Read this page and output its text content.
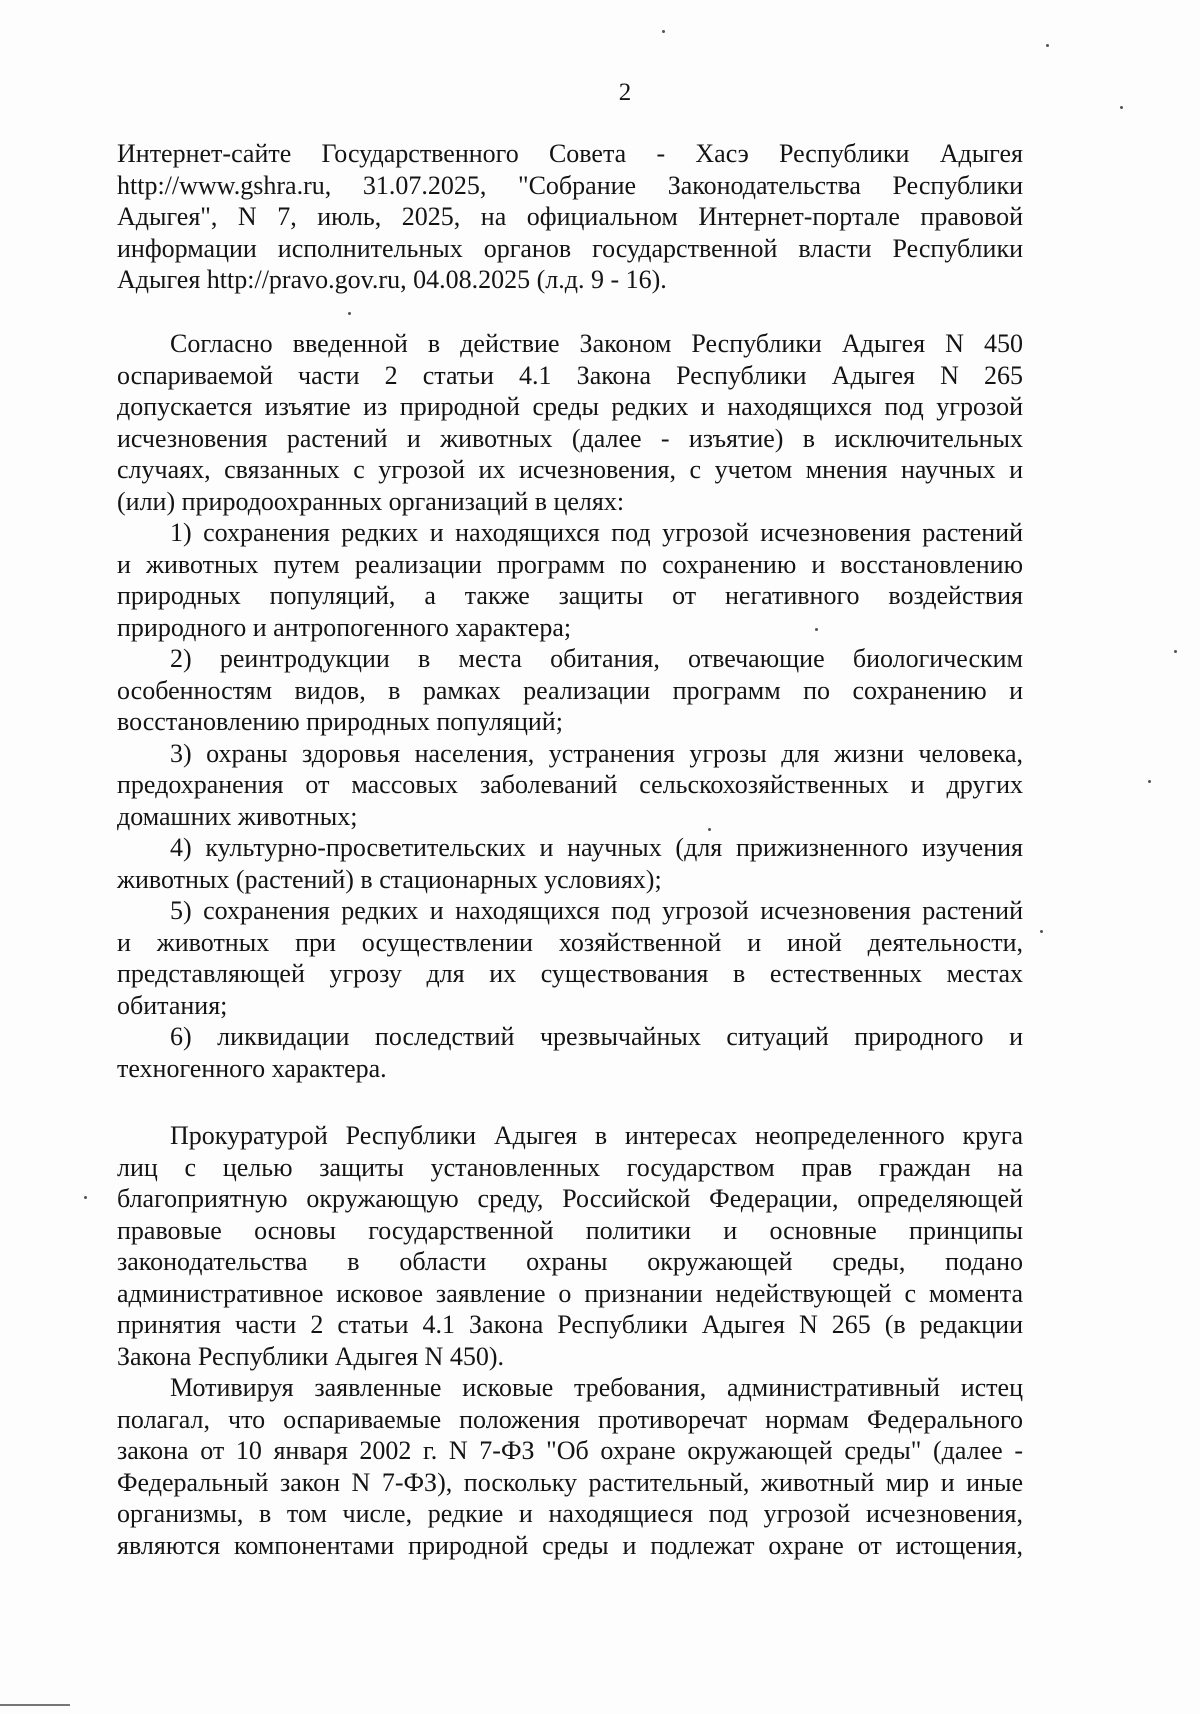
2
Интернет-сайте Государственного Совета - Хасэ Республики Адыгея
http://www.gshra.ru, 31.07.2025, "Собрание Законодательства Республики
Адыгея", N 7, июль, 2025, на официальном Интернет-портале правовой
информации исполнительных органов государственной власти Республики
Адыгея http://pravo.gov.ru, 04.08.2025 (л.д. 9 - 16).
Согласно введенной в действие Законом Республики Адыгея N 450
оспариваемой части 2 статьи 4.1 Закона Республики Адыгея N 265
допускается изъятие из природной среды редких и находящихся под угрозой
исчезновения растений и животных (далее - изъятие) в исключительных
случаях, связанных с угрозой их исчезновения, с учетом мнения научных и
(или) природоохранных организаций в целях:
1) сохранения редких и находящихся под угрозой исчезновения растений
и животных путем реализации программ по сохранению и восстановлению
природных популяций, а также защиты от негативного воздействия
природного и антропогенного характера;
2) реинтродукции в места обитания, отвечающие биологическим
особенностям видов, в рамках реализации программ по сохранению и
восстановлению природных популяций;
3) охраны здоровья населения, устранения угрозы для жизни человека,
предохранения от массовых заболеваний сельскохозяйственных и других
домашних животных;
4) культурно-просветительских и научных (для прижизненного изучения
животных (растений) в стационарных условиях);
5) сохранения редких и находящихся под угрозой исчезновения растений
и животных при осуществлении хозяйственной и иной деятельности,
представляющей угрозу для их существования в естественных местах
обитания;
6) ликвидации последствий чрезвычайных ситуаций природного и
техногенного характера.
Прокуратурой Республики Адыгея в интересах неопределенного круга
лиц с целью защиты установленных государством прав граждан на
благоприятную окружающую среду, Российской Федерации, определяющей
правовые основы государственной политики и основные принципы
законодательства в области охраны окружающей среды, подано
административное исковое заявление о признании недействующей с момента
принятия части 2 статьи 4.1 Закона Республики Адыгея N 265 (в редакции
Закона Республики Адыгея N 450).
Мотивируя заявленные исковые требования, административный истец
полагал, что оспариваемые положения противоречат нормам Федерального
закона от 10 января 2002 г. N 7-ФЗ "Об охране окружающей среды" (далее -
Федеральный закон N 7-ФЗ), поскольку растительный, животный мир и иные
организмы, в том числе, редкие и находящиеся под угрозой исчезновения,
являются компонентами природной среды и подлежат охране от истощения,
